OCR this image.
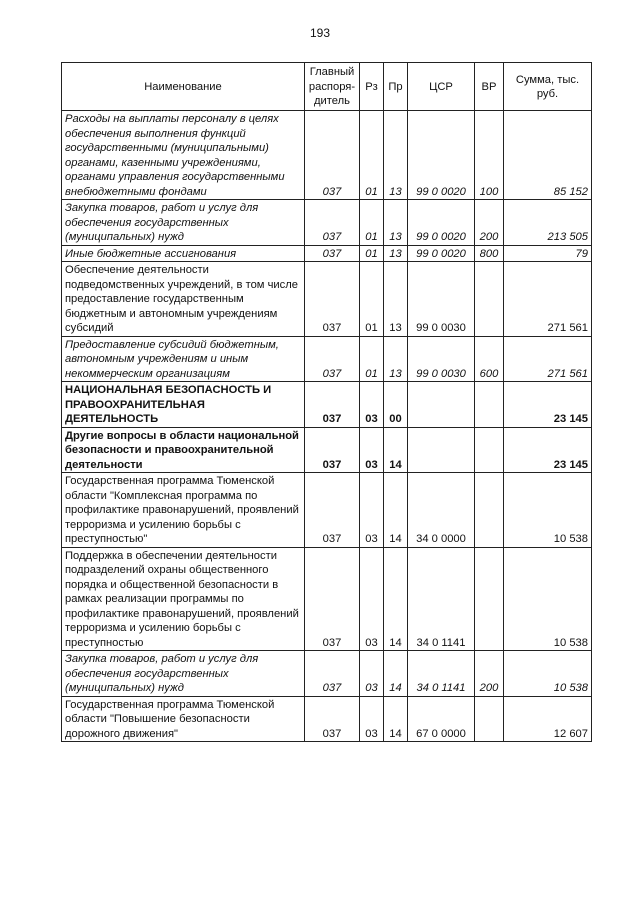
193
Наименование	Главный распоря-дитель	Рз	Пр	ЦСР	ВР	Сумма, тыс. руб.
Расходы на выплаты персоналу в целях обеспечения выполнения функций государственными (муниципальными) органами, казенными учреждениями, органами управления государственными внебюджетными фондами	037	01	13	99 0 0020	100	85 152
Закупка товаров, работ и услуг для обеспечения государственных (муниципальных) нужд	037	01	13	99 0 0020	200	213 505
Иные бюджетные ассигнования	037	01	13	99 0 0020	800	79
Обеспечение деятельности подведомственных учреждений, в том числе предоставление государственным бюджетным и автономным учреждениям субсидий	037	01	13	99 0 0030		271 561
Предоставление субсидий бюджетным, автономным учреждениям и иным некоммерческим организациям	037	01	13	99 0 0030	600	271 561
НАЦИОНАЛЬНАЯ БЕЗОПАСНОСТЬ И ПРАВООХРАНИТЕЛЬНАЯ ДЕЯТЕЛЬНОСТЬ	037	03	00			23 145
Другие вопросы в области национальной безопасности и правоохранительной деятельности	037	03	14			23 145
Государственная программа Тюменской области "Комплексная программа по профилактике правонарушений, проявлений терроризма и усилению борьбы с преступностью"	037	03	14	34 0 0000		10 538
Поддержка в обеспечении деятельности подразделений охраны общественного порядка и общественной безопасности в рамках реализации программы по профилактике правонарушений, проявлений терроризма и усилению борьбы с преступностью	037	03	14	34 0 1141		10 538
Закупка товаров, работ и услуг для обеспечения государственных (муниципальных) нужд	037	03	14	34 0 1141	200	10 538
Государственная программа Тюменской области "Повышение безопасности дорожного движения"	037	03	14	67 0 0000		12 607
